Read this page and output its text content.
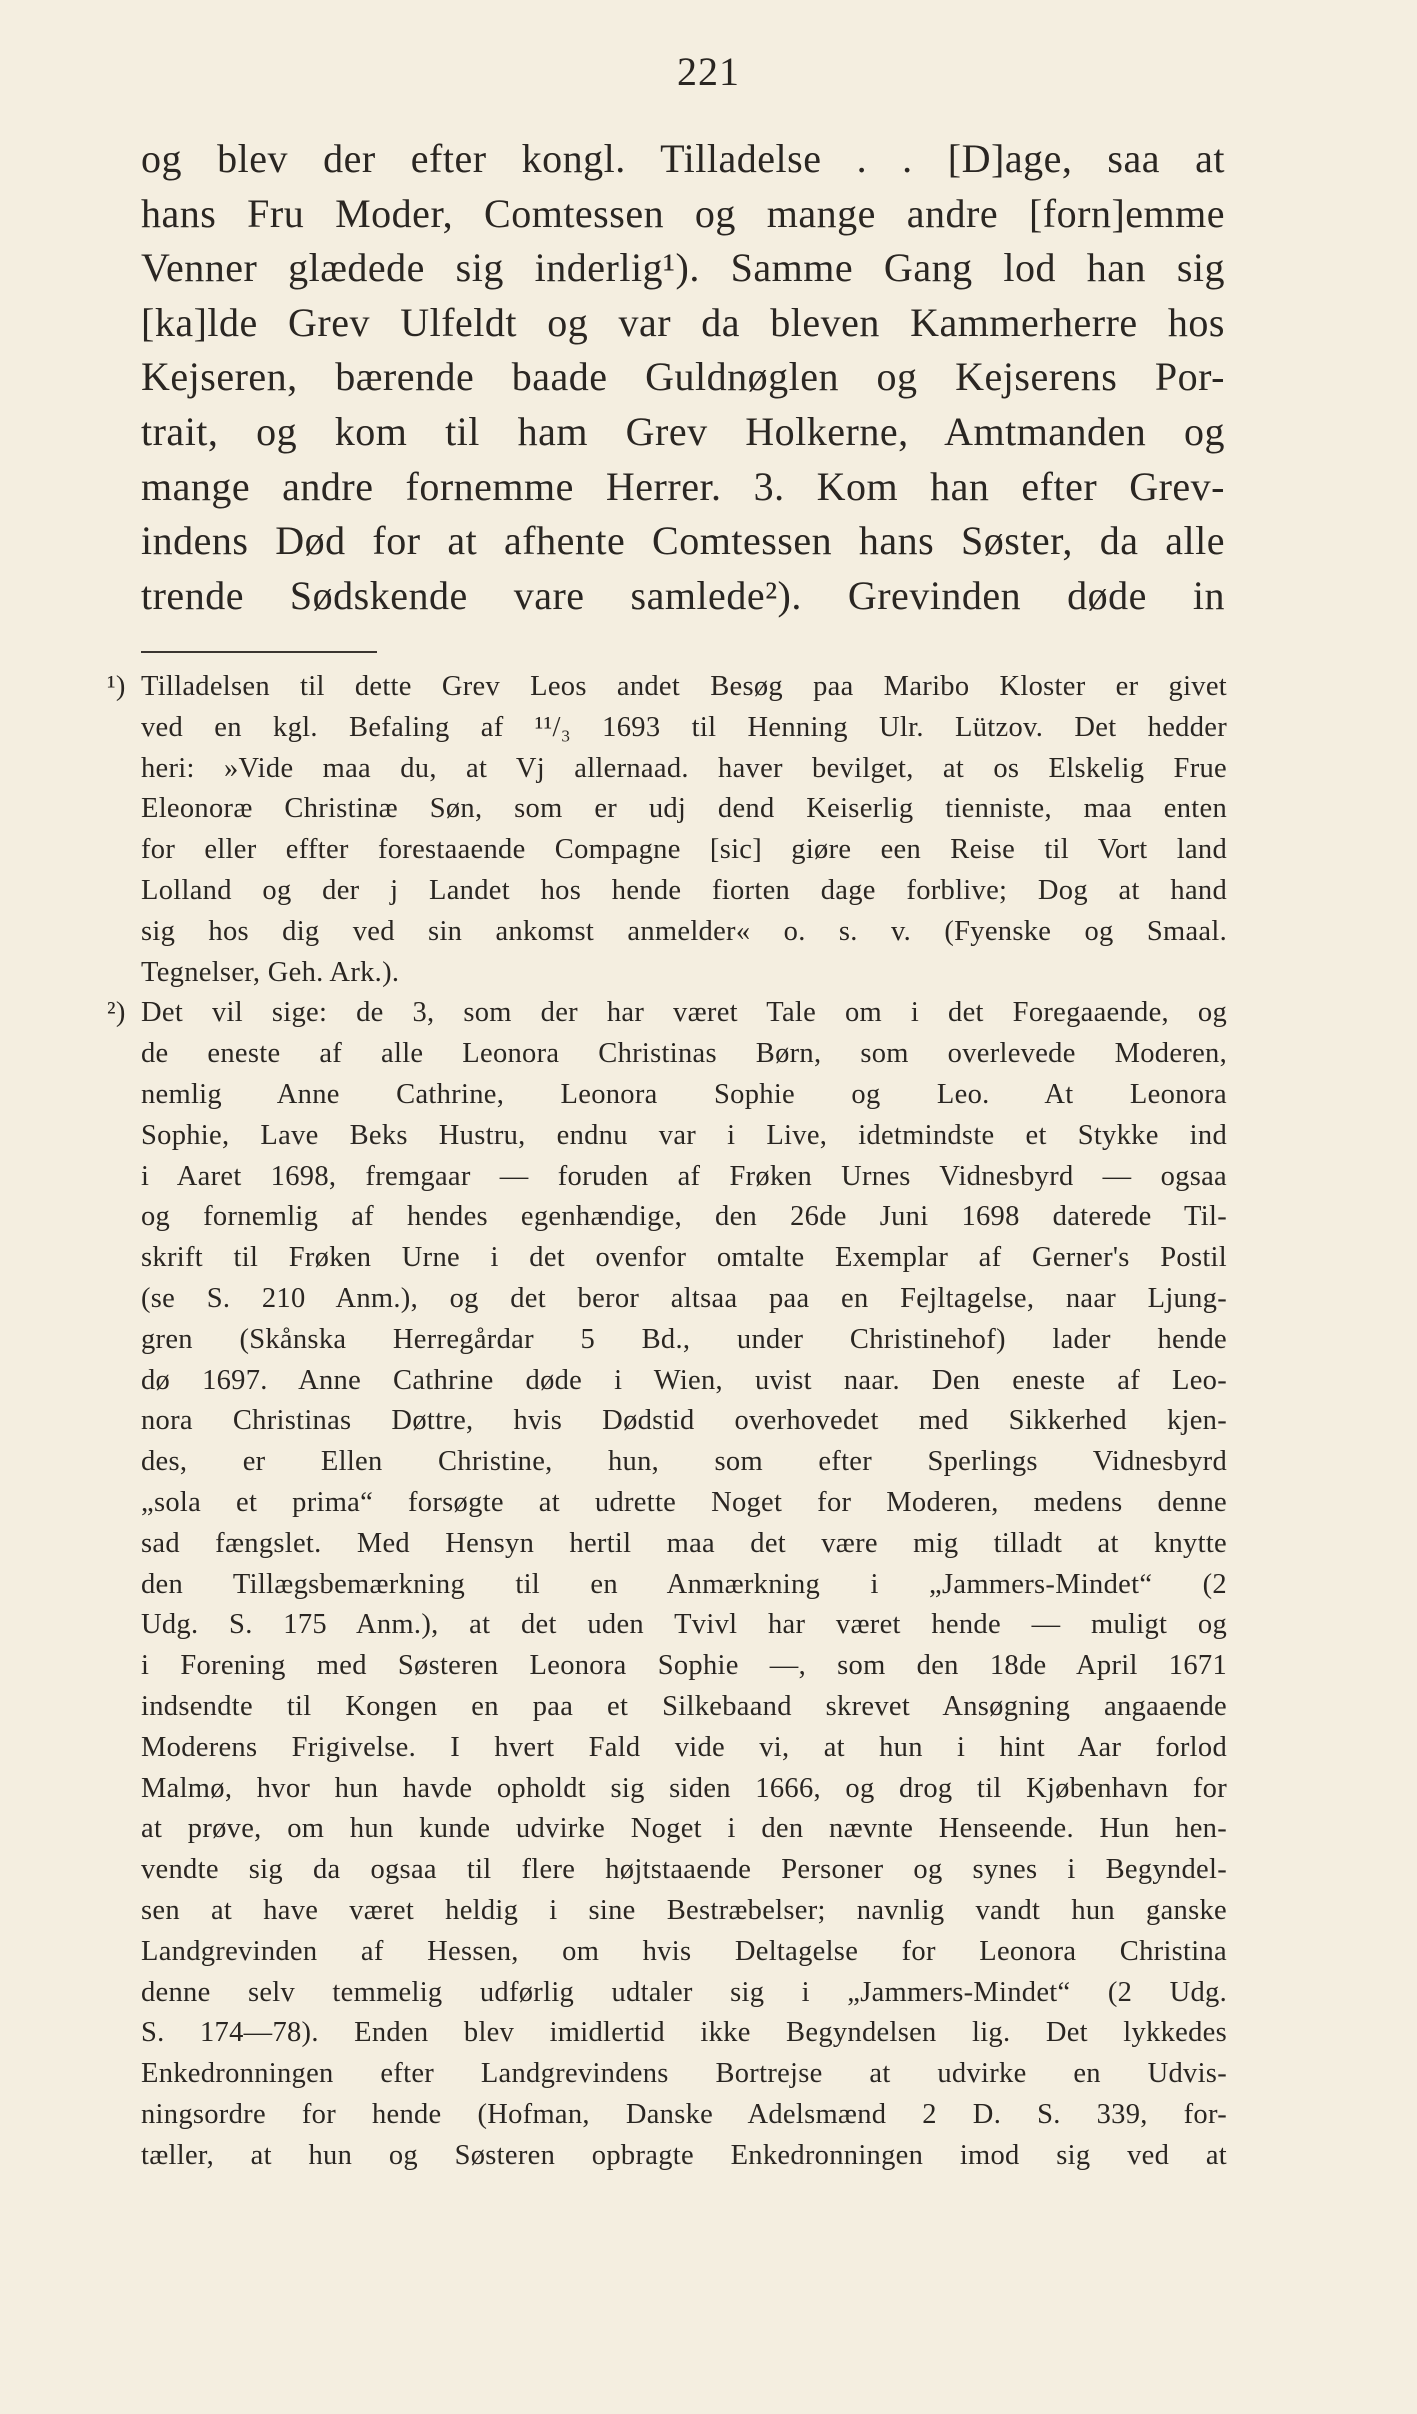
221
og blev der efter kongl. Tilladelse . . [D]age, saa at
hans Fru Moder, Comtessen og mange andre [forn]emme
Venner glædede sig inderlig¹). Samme Gang lod han sig
[ka]lde Grev Ulfeldt og var da bleven Kammerherre hos
Kejseren, bærende baade Guldnøglen og Kejserens Por-
trait, og kom til ham Grev Holkerne, Amtmanden og
mange andre fornemme Herrer. 3. Kom han efter Grev-
indens Død for at afhente Comtessen hans Søster, da alle
trende Sødskende vare samlede²). Grevinden døde in
¹) Tilladelsen til dette Grev Leos andet Besøg paa Maribo Kloster er givet
ved en kgl. Befaling af ¹¹/₃ 1693 til Henning Ulr. Lützov. Det hedder
heri: »Vide maa du, at Vj allernaad. haver bevilget, at os Elskelig Frue
Eleonoræ Christinæ Søn, som er udj dend Keiserlig tienniste, maa enten
for eller effter forestaaende Compagne [sic] giøre een Reise til Vort land
Lolland og der j Landet hos hende fiorten dage forblive; Dog at hand
sig hos dig ved sin ankomst anmelder« o. s. v. (Fyenske og Smaal.
Tegnelser, Geh. Ark.).
²) Det vil sige: de 3, som der har været Tale om i det Foregaaende, og
de eneste af alle Leonora Christinas Børn, som overlevede Moderen,
nemlig Anne Cathrine, Leonora Sophie og Leo. At Leonora
Sophie, Lave Beks Hustru, endnu var i Live, idetmindste et Stykke ind
i Aaret 1698, fremgaar — foruden af Frøken Urnes Vidnesbyrd — ogsaa
og fornemlig af hendes egenhændige, den 26de Juni 1698 daterede Til-
skrift til Frøken Urne i det ovenfor omtalte Exemplar af Gerner's Postil
(se S. 210 Anm.), og det beror altsaa paa en Fejltagelse, naar Ljung-
gren (Skånska Herregårdar 5 Bd., under Christinehof) lader hende
dø 1697. Anne Cathrine døde i Wien, uvist naar. Den eneste af Leo-
nora Christinas Døttre, hvis Dødstid overhovedet med Sikkerhed kjen-
des, er Ellen Christine, hun, som efter Sperlings Vidnesbyrd
„sola et prima“ forsøgte at udrette Noget for Moderen, medens denne
sad fængslet. Med Hensyn hertil maa det være mig tilladt at knytte
den Tillægsbemærkning til en Anmærkning i „Jammers-Mindet“ (2
Udg. S. 175 Anm.), at det uden Tvivl har været hende — muligt og
i Forening med Søsteren Leonora Sophie —, som den 18de April 1671
indsendte til Kongen en paa et Silkebaand skrevet Ansøgning angaaende
Moderens Frigivelse. I hvert Fald vide vi, at hun i hint Aar forlod
Malmø, hvor hun havde opholdt sig siden 1666, og drog til Kjøbenhavn for
at prøve, om hun kunde udvirke Noget i den nævnte Henseende. Hun hen-
vendte sig da ogsaa til flere højtstaaende Personer og synes i Begyndel-
sen at have været heldig i sine Bestræbelser; navnlig vandt hun ganske
Landgrevinden af Hessen, om hvis Deltagelse for Leonora Christina
denne selv temmelig udførlig udtaler sig i „Jammers-Mindet“ (2 Udg.
S. 174—78). Enden blev imidlertid ikke Begyndelsen lig. Det lykkedes
Enkedronningen efter Landgrevindens Bortrejse at udvirke en Udvis-
ningsordre for hende (Hofman, Danske Adelsmænd 2 D. S. 339, for-
tæller, at hun og Søsteren opbragte Enkedronningen imod sig ved at
